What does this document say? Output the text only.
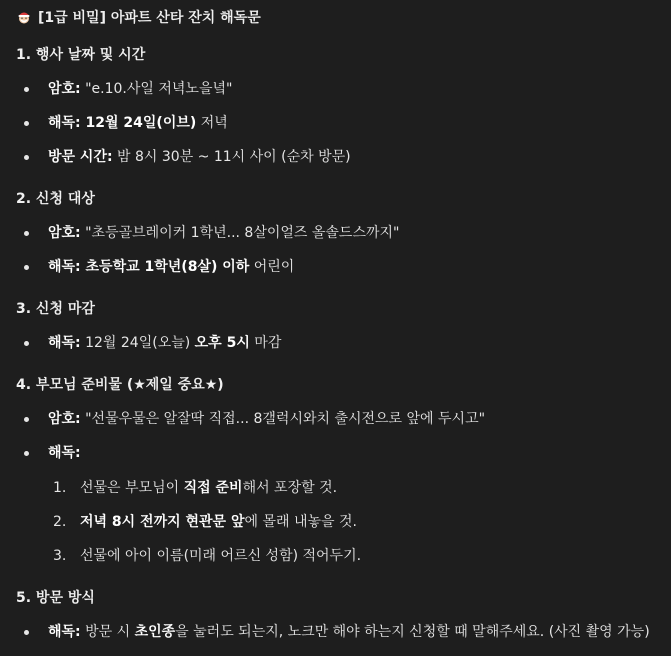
[1급 비밀] 아파트 산타 잔치 해독문
1. 행사 날짜 및 시간
암호: "e.10.사일 저녁노을녘"
해독: 12월 24일(이브) 저녁
방문 시간: 밤 8시 30분 ~ 11시 사이 (순차 방문)
2. 신청 대상
암호: "초등골브레이커 1학년... 8살이얼즈 올솔드스까지"
해독: 초등학교 1학년(8살) 이하 어린이
3. 신청 마감
해독: 12월 24일(오늘) 오후 5시 마감
4. 부모님 준비물 (★제일 중요★)
암호: "선물우물은 알잘딱 직접... 8갤럭시와치 출시전으로 앞에 두시고"
해독:
1. 선물은 부모님이 직접 준비해서 포장할 것.
2. 저녁 8시 전까지 현관문 앞에 몰래 내놓을 것.
3. 선물에 아이 이름(미래 어르신 성함) 적어두기.
5. 방문 방식
해독: 방문 시 초인종을 눌러도 되는지, 노크만 해야 하는지 신청할 때 말해주세요. (사진 촬영 가능)
